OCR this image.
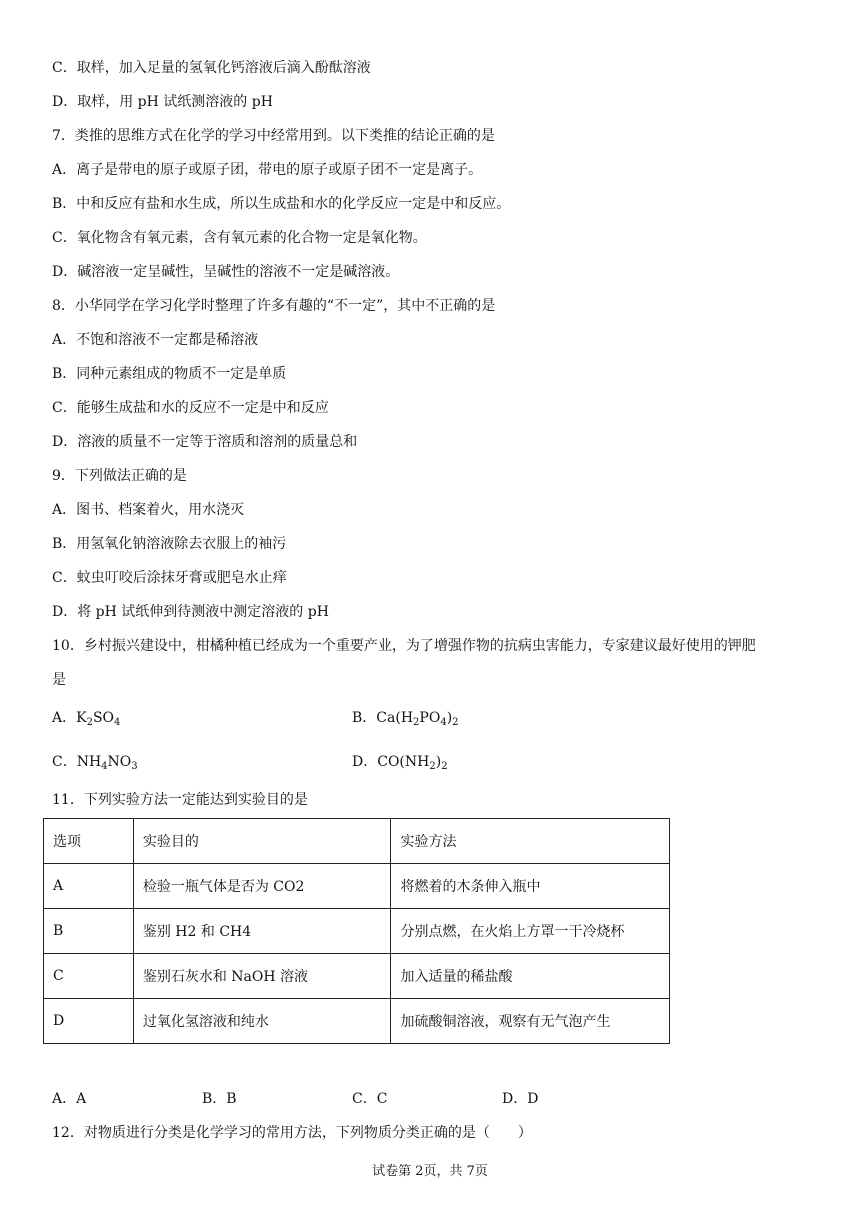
C．取样，加入足量的氢氧化钙溶液后滴入酚酞溶液
D．取样，用 pH 试纸测溶液的 pH
7．类推的思维方式在化学的学习中经常用到。以下类推的结论正确的是
A．离子是带电的原子或原子团，带电的原子或原子团不一定是离子。
B．中和反应有盐和水生成，所以生成盐和水的化学反应一定是中和反应。
C．氧化物含有氧元素，含有氧元素的化合物一定是氧化物。
D．碱溶液一定呈碱性，呈碱性的溶液不一定是碱溶液。
8．小华同学在学习化学时整理了许多有趣的“不一定”，其中不正确的是
A．不饱和溶液不一定都是稀溶液
B．同种元素组成的物质不一定是单质
C．能够生成盐和水的反应不一定是中和反应
D．溶液的质量不一定等于溶质和溶剂的质量总和
9．下列做法正确的是
A．图书、档案着火，用水浇灭
B．用氢氧化钠溶液除去衣服上的袖污
C．蚊虫叮咬后涂抹牙膏或肥皂水止痒
D．将 pH 试纸伸到待测液中测定溶液的 pH
10．乡村振兴建设中，柑橘种植已经成为一个重要产业，为了增强作物的抗病虫害能力，专家建议最好使用的钾肥
是
A．$K_2SO_4$	B．$Ca(H_2PO_4)_2$
C．$NH_4NO_3$	D．$CO(NH_2)_2$
11．下列实验方法一定能达到实验目的是
选项	实验目的	实验方法
A	检验一瓶气体是否为 CO2	将燃着的木条伸入瓶中
B	鉴别 H2 和 CH4	分别点燃，在火焰上方罩一干冷烧杯
C	鉴别石灰水和 NaOH 溶液	加入适量的稀盐酸
D	过氧化氢溶液和纯水	加硫酸铜溶液，观察有无气泡产生
A．A	B．B	C．C	D．D
12．对物质进行分类是化学学习的常用方法，下列物质分类正确的是（　　）
试卷第 2页，共 7页
